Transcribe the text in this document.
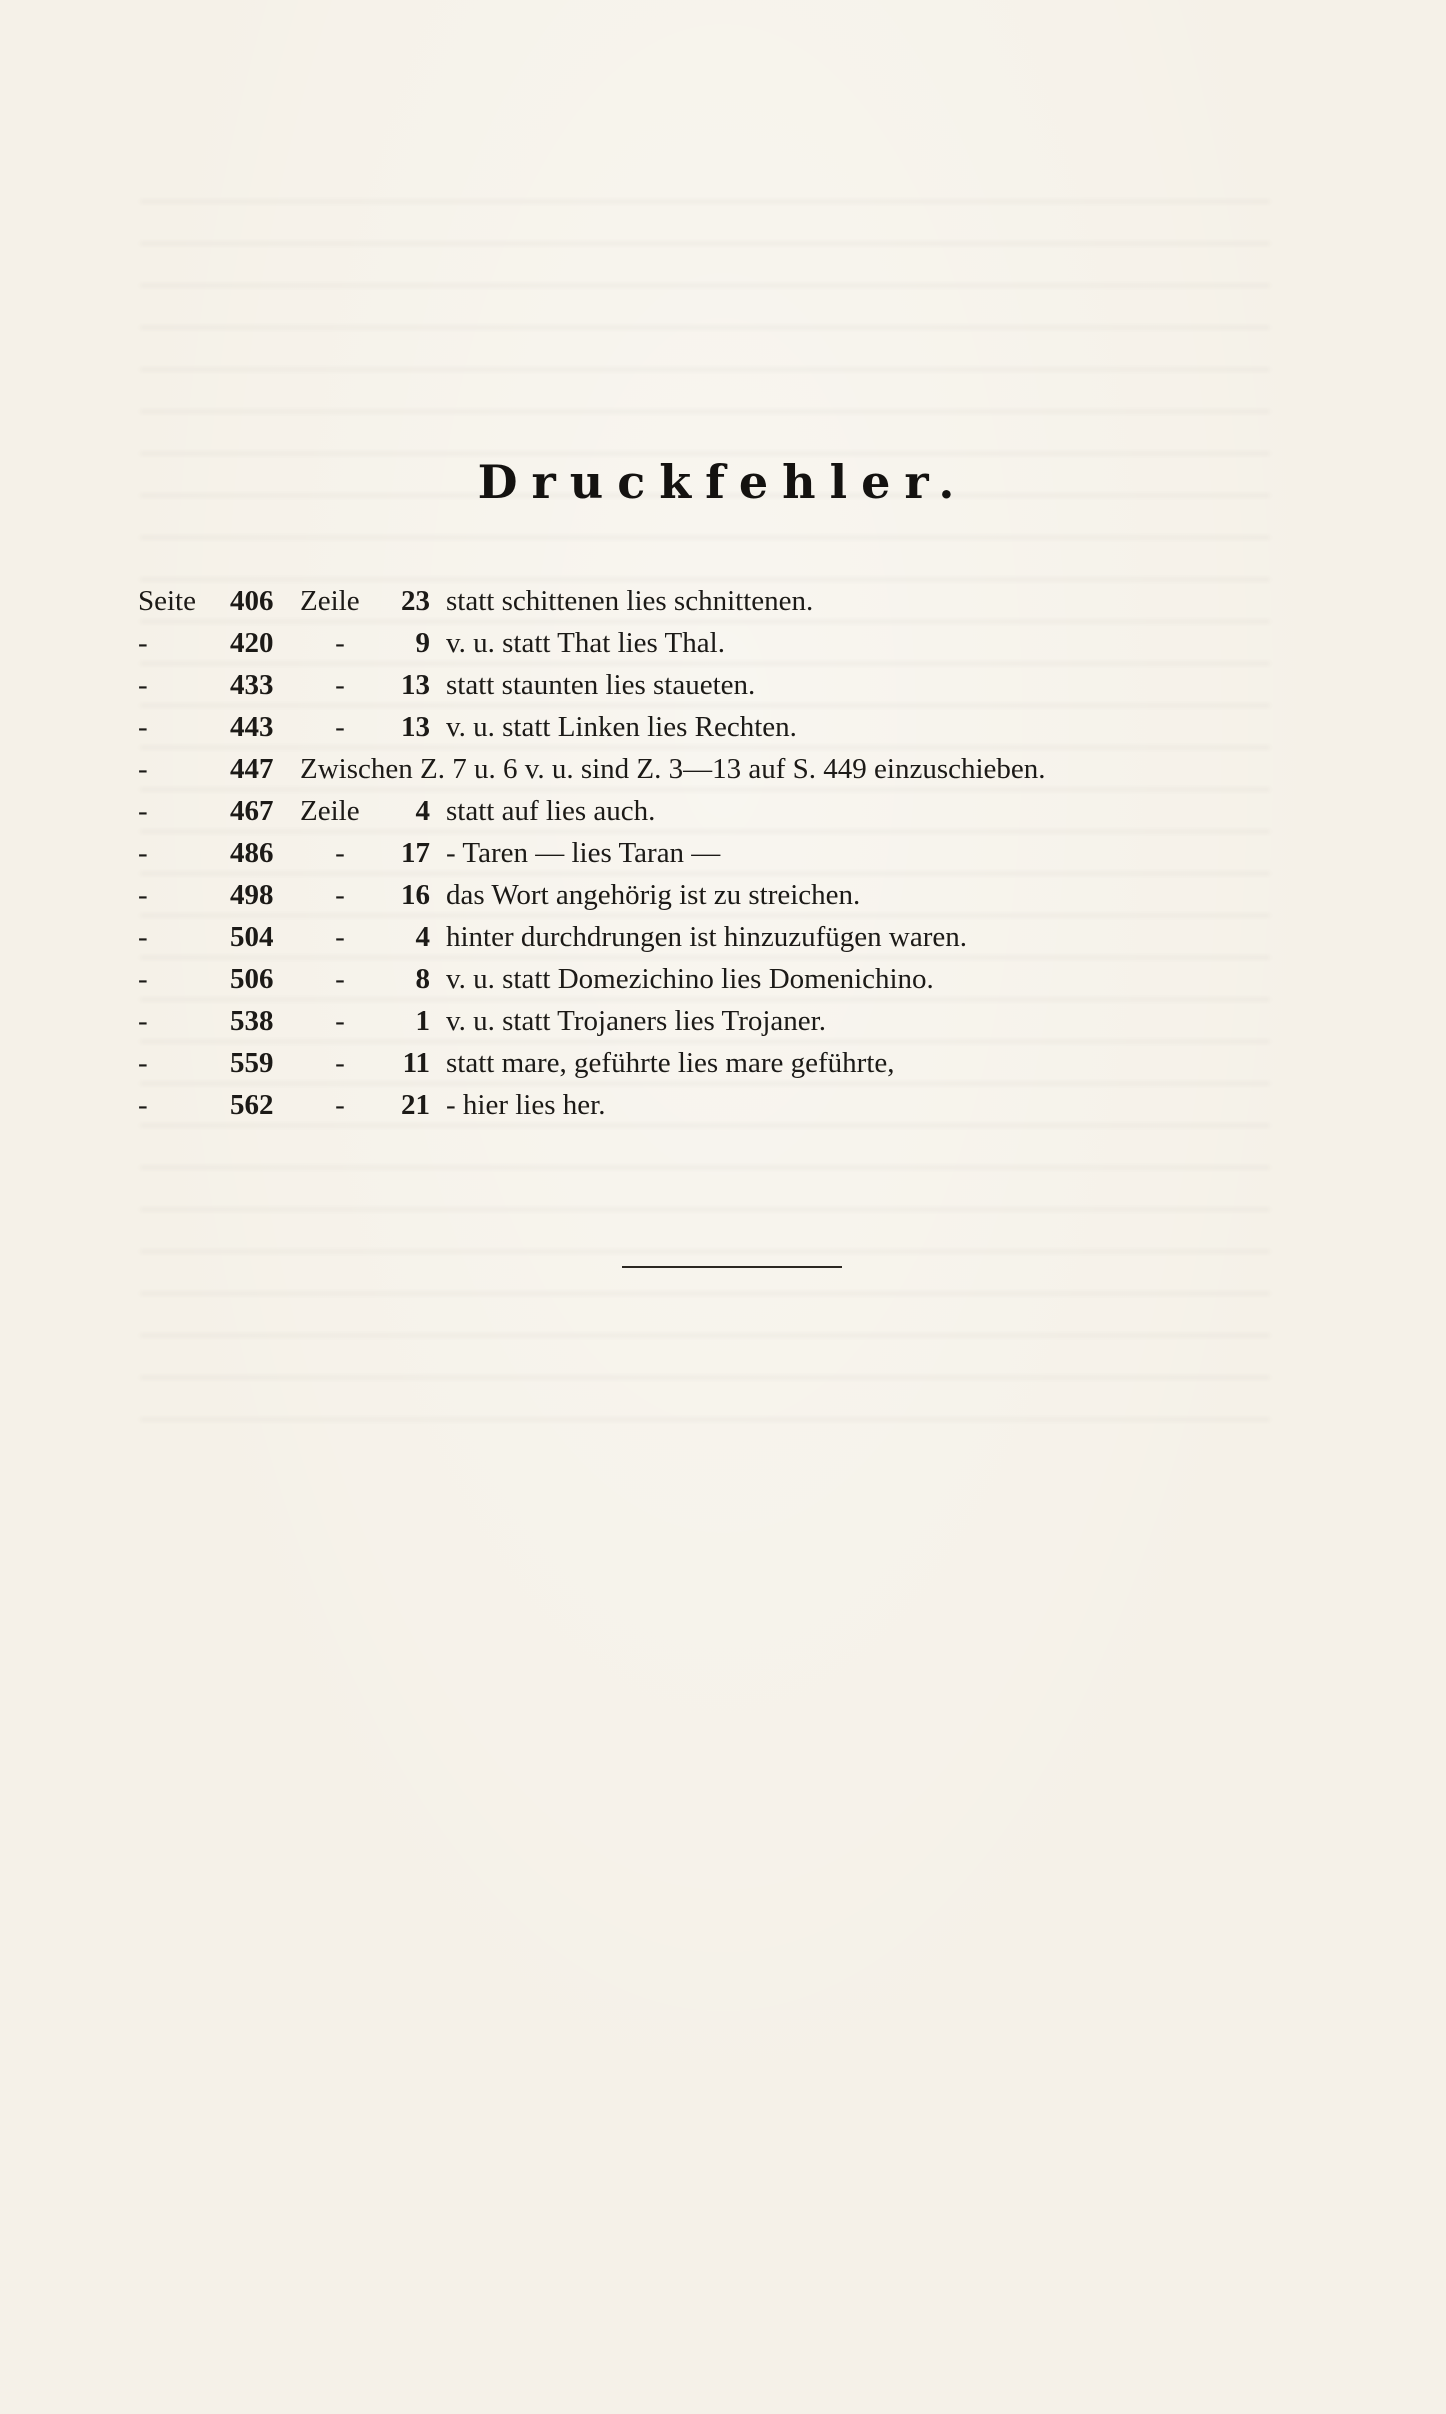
Druckfehler.
Seite 406 Zeile	23 statt schittenen lies schnittenen.
-	420	-	9 v. u. statt That lies Thal.
-	433	-	13 statt staunten lies staueten.
-	443	-	13 v. u. statt Linken lies Rechten.
-	447 Zwischen Z. 7 u. 6 v. u. sind Z. 3—13 auf S. 449 einzuschieben.
-	467 Zeile	4 statt auf lies auch.
-	486	-	17 - Taren — lies Taran —
-	498	-	16 das Wort angehörig ist zu streichen.
-	504	-	4 hinter durchdrungen ist hinzuzufügen waren.
-	506	-	8 v. u. statt Domezichino lies Domenichino.
-	538	-	1 v. u. statt Trojaners lies Trojaner.
-	559	-	11 statt mare, geführte lies mare geführte,
-	562	-	21 - hier lies her.
